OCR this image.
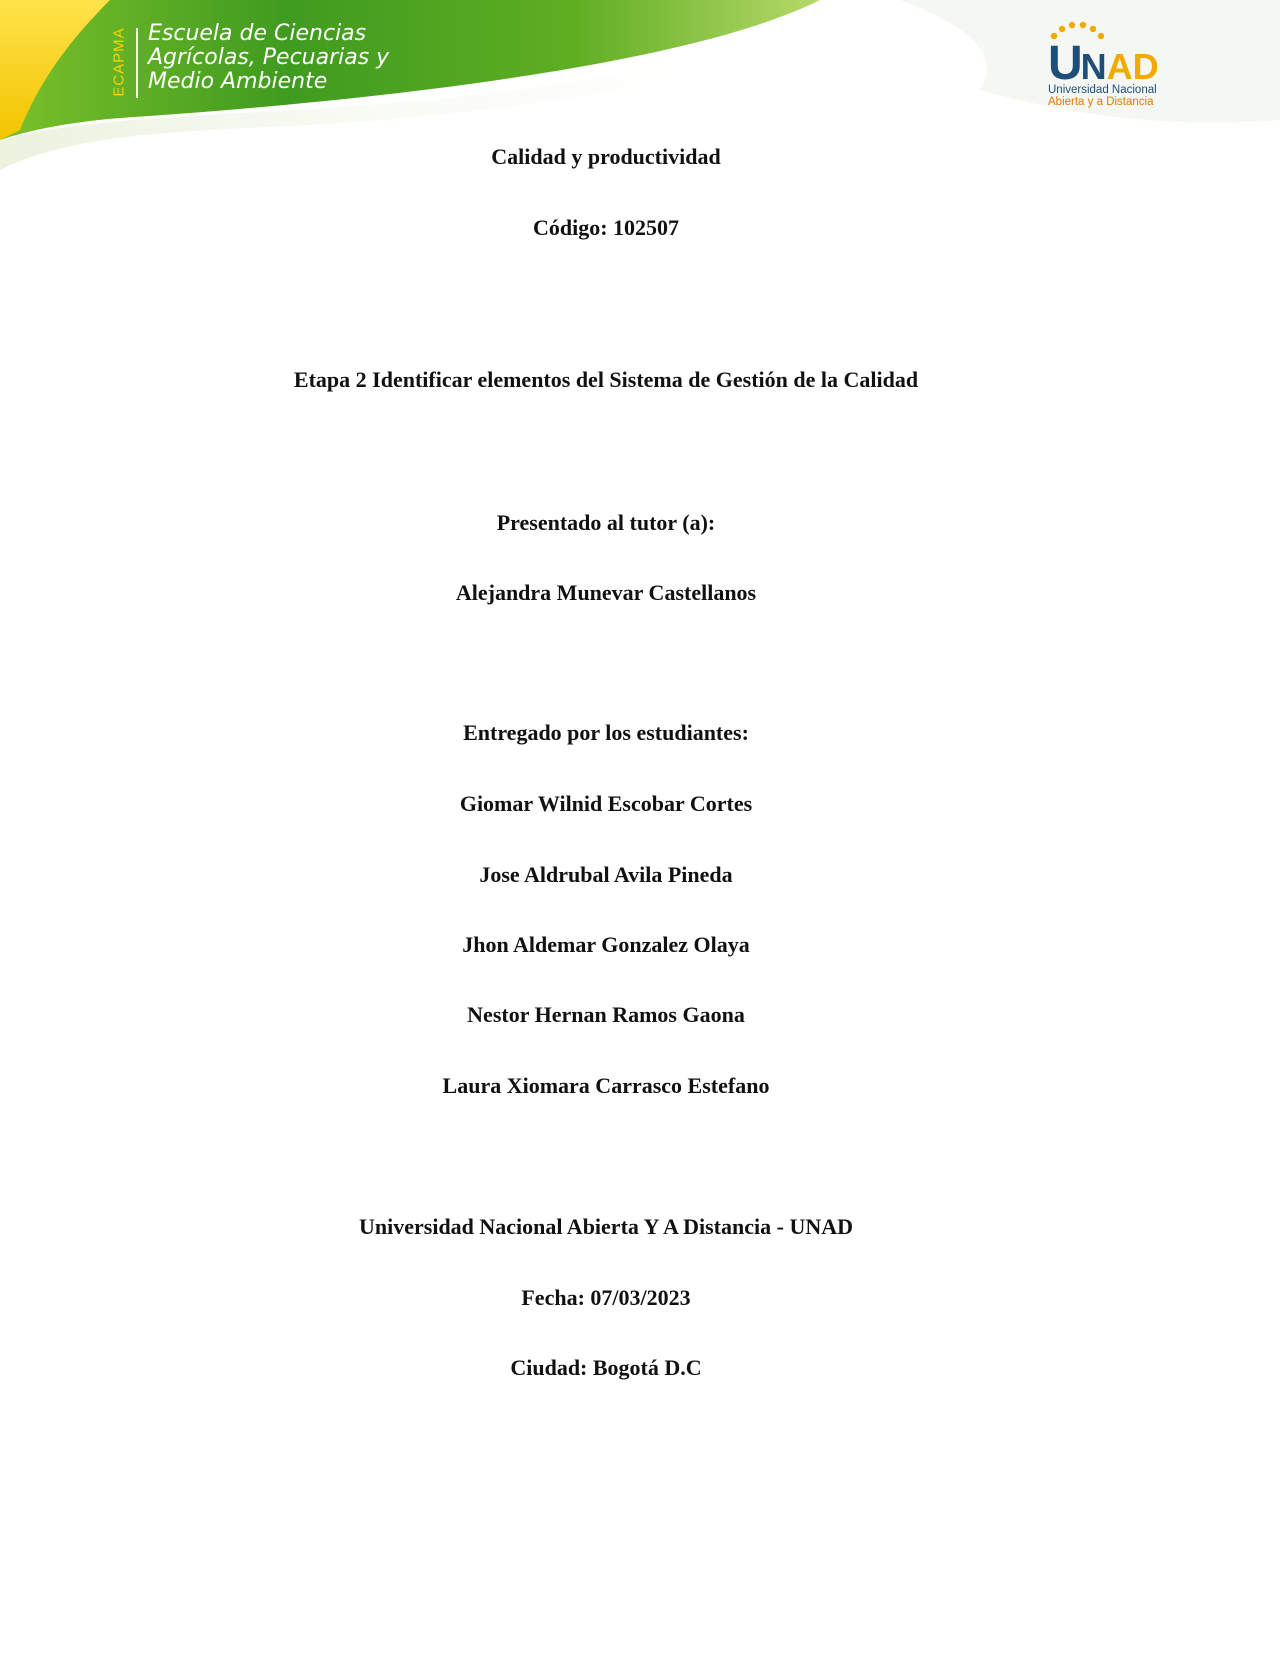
ECAPMA Escuela de Ciencias
Agrícolas, Pecuarias y
Medio Ambiente	UNAD
Universidad Nacional
Abierta y a Distancia
Calidad y productividad
Código: 102507
Etapa 2 Identificar elementos del Sistema de Gestión de la Calidad
Presentado al tutor (a):
Alejandra Munevar Castellanos
Entregado por los estudiantes:
Giomar Wilnid Escobar Cortes
Jose Aldrubal Avila Pineda
Jhon Aldemar Gonzalez Olaya
Nestor Hernan Ramos Gaona
Laura Xiomara Carrasco Estefano
Universidad Nacional Abierta Y A Distancia - UNAD
Fecha: 07/03/2023
Ciudad: Bogotá D.C
